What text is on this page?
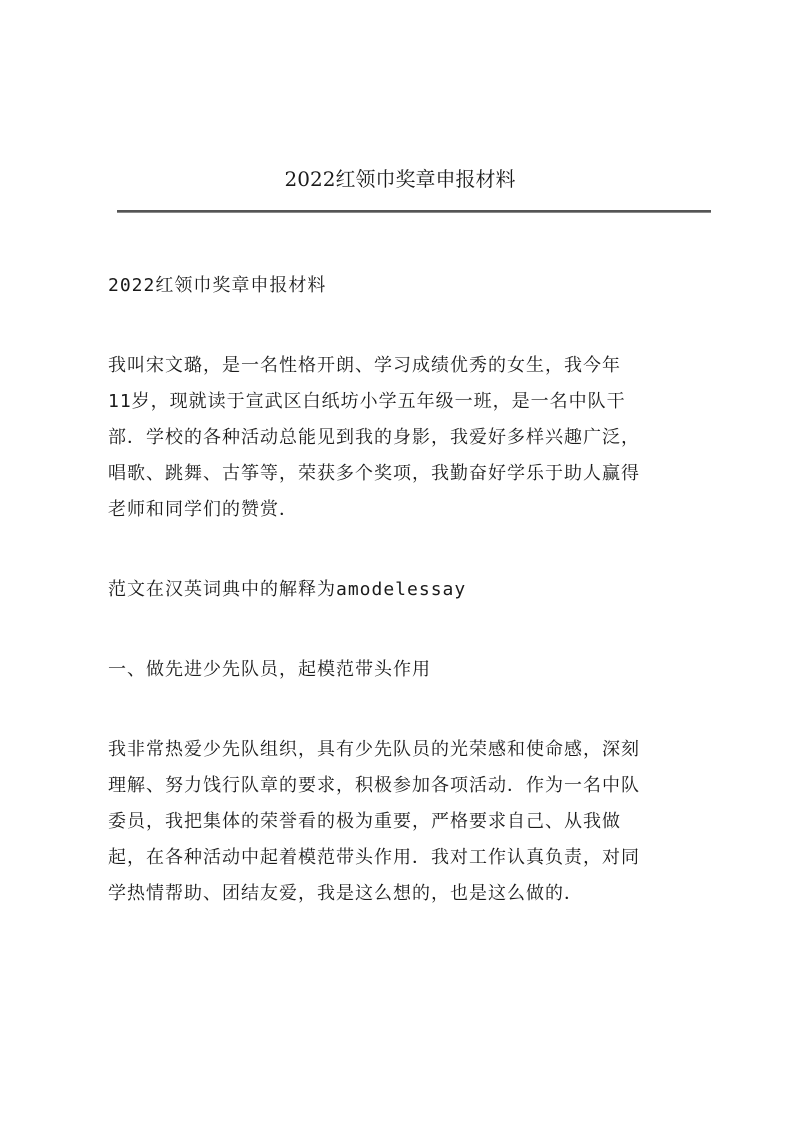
2022红领巾奖章申报材料

2022红领巾奖章申报材料

我叫宋文璐，是一名性格开朗、学习成绩优秀的女生，我今年
11岁，现就读于宣武区白纸坊小学五年级一班，是一名中队干
部．学校的各种活动总能见到我的身影，我爱好多样兴趣广泛，
唱歌、跳舞、古筝等，荣获多个奖项，我勤奋好学乐于助人赢得
老师和同学们的赞赏．

范文在汉英词典中的解释为amodelessay

一、做先进少先队员，起模范带头作用

我非常热爱少先队组织，具有少先队员的光荣感和使命感，深刻
理解、努力饯行队章的要求，积极参加各项活动．作为一名中队
委员，我把集体的荣誉看的极为重要，严格要求自己、从我做
起，在各种活动中起着模范带头作用．我对工作认真负责，对同
学热情帮助、团结友爱，我是这么想的，也是这么做的．
